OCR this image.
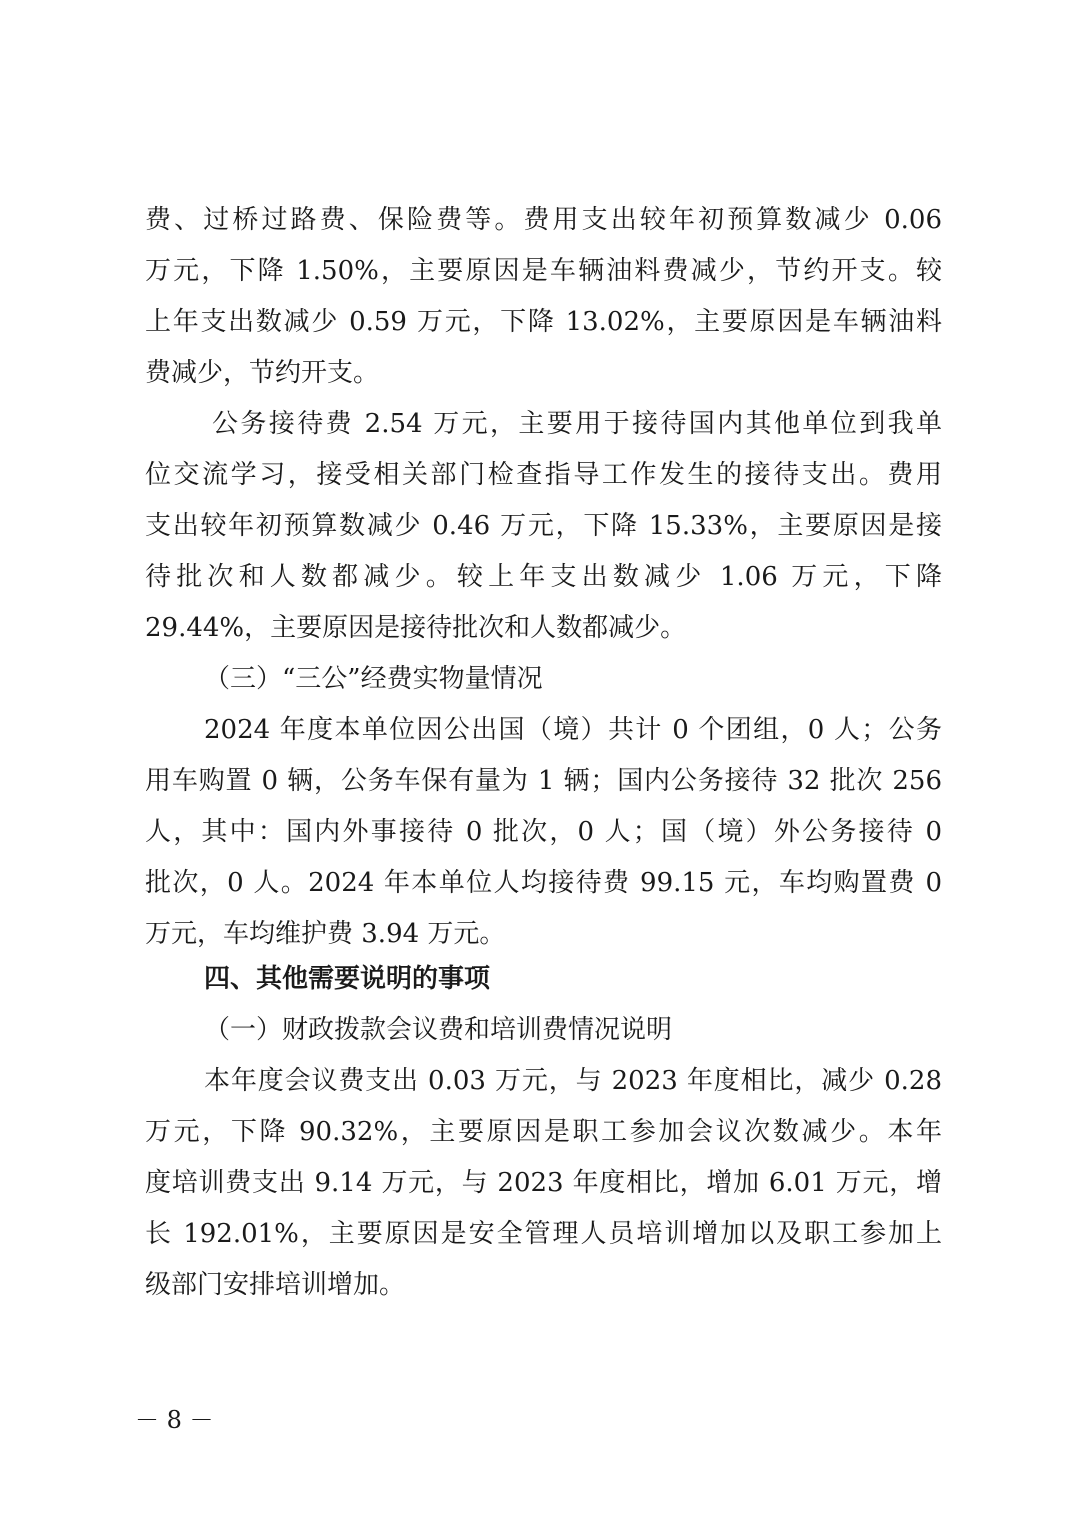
费、过桥过路费、保险费等。费用支出较年初预算数减少 0.06
万元，下降 1.50%，主要原因是车辆油料费减少，节约开支。较
上年支出数减少 0.59 万元，下降 13.02%，主要原因是车辆油料
费减少，节约开支。
公务接待费 2.54 万元，主要用于接待国内其他单位到我单
位交流学习，接受相关部门检查指导工作发生的接待支出。费用
支出较年初预算数减少 0.46 万元，下降 15.33%，主要原因是接
待批次和人数都减少。较上年支出数减少 1.06 万元，下降
29.44%，主要原因是接待批次和人数都减少。
（三）“三公”经费实物量情况
2024 年度本单位因公出国（境）共计 0 个团组，0 人；公务
用车购置 0 辆，公务车保有量为 1 辆；国内公务接待 32 批次 256
人，其中：国内外事接待 0 批次，0 人；国（境）外公务接待 0
批次，0 人。2024 年本单位人均接待费 99.15 元，车均购置费 0
万元，车均维护费 3.94 万元。
四、其他需要说明的事项
（一）财政拨款会议费和培训费情况说明
本年度会议费支出 0.03 万元，与 2023 年度相比，减少 0.28
万元，下降 90.32%，主要原因是职工参加会议次数减少。本年
度培训费支出 9.14 万元，与 2023 年度相比，增加 6.01 万元，增
长 192.01%，主要原因是安全管理人员培训增加以及职工参加上
级部门安排培训增加。
－ 8 －
